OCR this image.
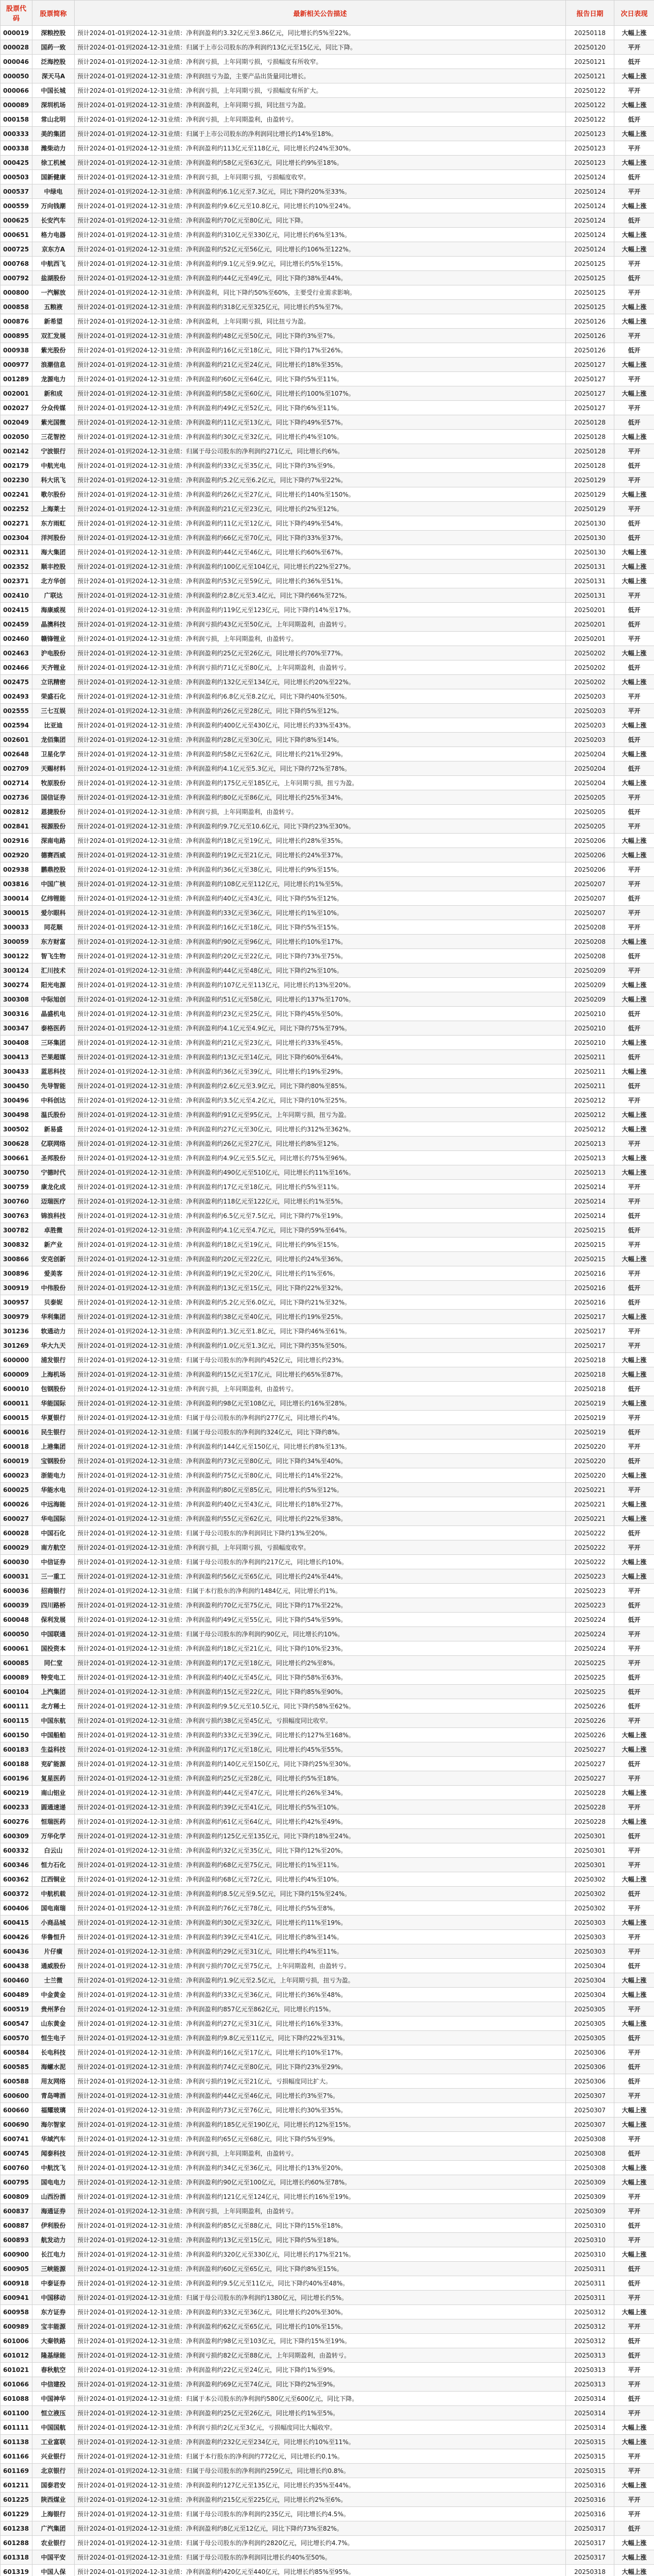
股票代码	股票简称	最新相关公告描述	报告日期	次日表现
000019	深粮控股	预计2024-01-01到2024-12-31业绩：净利润盈利约3.32亿元至3.86亿元，同比增长约5%至22%。	20250118	大幅上涨
000028	国药一致	预计2024-01-01到2024-12-31业绩：归属于上市公司股东的净利润约13亿元至15亿元，同比下降。	20250120	平开
000046	泛海控股	预计2024-01-01到2024-12-31业绩：净利润亏损，上年同期亏损，亏损幅度有所收窄。	20250121	低开
000050	深天马A	预计2024-01-01到2024-12-31业绩：净利润扭亏为盈，主要产品出货量同比增长。	20250121	大幅上涨
000066	中国长城	预计2024-01-01到2024-12-31业绩：净利润亏损，上年同期亏损，亏损幅度有所扩大。	20250122	平开
000089	深圳机场	预计2024-01-01到2024-12-31业绩：净利润盈利，上年同期亏损，同比扭亏为盈。	20250122	大幅上涨
000158	常山北明	预计2024-01-01到2024-12-31业绩：净利润亏损，上年同期盈利，由盈转亏。	20250122	低开
000333	美的集团	预计2024-01-01到2024-12-31业绩：归属于上市公司股东的净利润同比增长约14%至18%。	20250123	大幅上涨
000338	潍柴动力	预计2024-01-01到2024-12-31业绩：净利润盈利约113亿元至118亿元，同比增长约24%至30%。	20250123	平开
000425	徐工机械	预计2024-01-01到2024-12-31业绩：净利润盈利约58亿元至63亿元，同比增长约9%至18%。	20250123	大幅上涨
000503	国新健康	预计2024-01-01到2024-12-31业绩：净利润亏损，上年同期亏损，亏损幅度收窄。	20250124	低开
000537	中绿电	预计2024-01-01到2024-12-31业绩：净利润盈利约6.1亿元至7.3亿元，同比下降约20%至33%。	20250124	平开
000559	万向钱潮	预计2024-01-01到2024-12-31业绩：净利润盈利约9.6亿元至10.8亿元，同比增长约10%至24%。	20250124	大幅上涨
000625	长安汽车	预计2024-01-01到2024-12-31业绩：净利润盈利约70亿元至80亿元，同比下降。	20250124	低开
000651	格力电器	预计2024-01-01到2024-12-31业绩：净利润盈利约310亿元至330亿元，同比增长约6%至13%。	20250124	大幅上涨
000725	京东方A	预计2024-01-01到2024-12-31业绩：净利润盈利约52亿元至56亿元，同比增长约106%至122%。	20250124	大幅上涨
000768	中航西飞	预计2024-01-01到2024-12-31业绩：净利润盈利约9.1亿元至9.9亿元，同比增长约5%至15%。	20250125	平开
000792	盐湖股份	预计2024-01-01到2024-12-31业绩：净利润盈利约44亿元至49亿元，同比下降约38%至44%。	20250125	低开
000800	一汽解放	预计2024-01-01到2024-12-31业绩：净利润盈利，同比下降约50%至60%，主要受行业需求影响。	20250125	平开
000858	五粮液	预计2024-01-01到2024-12-31业绩：净利润盈利约318亿元至325亿元，同比增长约5%至7%。	20250125	大幅上涨
000876	新希望	预计2024-01-01到2024-12-31业绩：净利润盈利，上年同期亏损，同比扭亏为盈。	20250126	大幅上涨
000895	双汇发展	预计2024-01-01到2024-12-31业绩：净利润盈利约48亿元至50亿元，同比下降约3%至7%。	20250126	平开
000938	紫光股份	预计2024-01-01到2024-12-31业绩：净利润盈利约16亿元至18亿元，同比下降约17%至26%。	20250126	低开
000977	浪潮信息	预计2024-01-01到2024-12-31业绩：净利润盈利约21亿元至24亿元，同比增长约18%至35%。	20250127	大幅上涨
001289	龙源电力	预计2024-01-01到2024-12-31业绩：净利润盈利约60亿元至64亿元，同比下降约5%至11%。	20250127	平开
002001	新和成	预计2024-01-01到2024-12-31业绩：净利润盈利约58亿元至60亿元，同比增长约100%至107%。	20250127	大幅上涨
002027	分众传媒	预计2024-01-01到2024-12-31业绩：净利润盈利约49亿元至52亿元，同比下降约6%至11%。	20250127	平开
002049	紫光国微	预计2024-01-01到2024-12-31业绩：净利润盈利约11亿元至13亿元，同比下降约49%至57%。	20250128	低开
002050	三花智控	预计2024-01-01到2024-12-31业绩：净利润盈利约30亿元至32亿元，同比增长约4%至10%。	20250128	大幅上涨
002142	宁波银行	预计2024-01-01到2024-12-31业绩：归属于母公司股东的净利润约271亿元，同比增长约6%。	20250128	平开
002179	中航光电	预计2024-01-01到2024-12-31业绩：净利润盈利约33亿元至35亿元，同比下降约3%至9%。	20250128	低开
002230	科大讯飞	预计2024-01-01到2024-12-31业绩：净利润盈利约5.2亿元至6.2亿元，同比下降约7%至22%。	20250129	平开
002241	歌尔股份	预计2024-01-01到2024-12-31业绩：净利润盈利约26亿元至27亿元，同比增长约140%至150%。	20250129	大幅上涨
002252	上海莱士	预计2024-01-01到2024-12-31业绩：净利润盈利约21亿元至23亿元，同比增长约2%至12%。	20250129	平开
002271	东方雨虹	预计2024-01-01到2024-12-31业绩：净利润盈利约11亿元至12亿元，同比下降约49%至54%。	20250130	低开
002304	洋河股份	预计2024-01-01到2024-12-31业绩：净利润盈利约66亿元至70亿元，同比下降约33%至37%。	20250130	低开
002311	海大集团	预计2024-01-01到2024-12-31业绩：净利润盈利约44亿元至46亿元，同比增长约60%至67%。	20250130	大幅上涨
002352	顺丰控股	预计2024-01-01到2024-12-31业绩：净利润盈利约100亿元至104亿元，同比增长约22%至27%。	20250131	大幅上涨
002371	北方华创	预计2024-01-01到2024-12-31业绩：净利润盈利约53亿元至59亿元，同比增长约36%至51%。	20250131	大幅上涨
002410	广联达	预计2024-01-01到2024-12-31业绩：净利润盈利约2.8亿元至3.4亿元，同比下降约66%至72%。	20250131	平开
002415	海康威视	预计2024-01-01到2024-12-31业绩：净利润盈利约119亿元至123亿元，同比下降约14%至17%。	20250201	低开
002459	晶澳科技	预计2024-01-01到2024-12-31业绩：净利润亏损约43亿元至50亿元，上年同期盈利，由盈转亏。	20250201	低开
002460	赣锋锂业	预计2024-01-01到2024-12-31业绩：净利润亏损，上年同期盈利，由盈转亏。	20250201	平开
002463	沪电股份	预计2024-01-01到2024-12-31业绩：净利润盈利约25亿元至26亿元，同比增长约70%至77%。	20250202	大幅上涨
002466	天齐锂业	预计2024-01-01到2024-12-31业绩：净利润亏损约71亿元至80亿元，上年同期盈利，由盈转亏。	20250202	低开
002475	立讯精密	预计2024-01-01到2024-12-31业绩：净利润盈利约132亿元至134亿元，同比增长约20%至22%。	20250202	大幅上涨
002493	荣盛石化	预计2024-01-01到2024-12-31业绩：净利润盈利约6.8亿元至8.2亿元，同比下降约40%至50%。	20250203	平开
002555	三七互娱	预计2024-01-01到2024-12-31业绩：净利润盈利约26亿元至28亿元，同比下降约5%至12%。	20250203	平开
002594	比亚迪	预计2024-01-01到2024-12-31业绩：净利润盈利约400亿元至430亿元，同比增长约33%至43%。	20250203	大幅上涨
002601	龙佰集团	预计2024-01-01到2024-12-31业绩：净利润盈利约28亿元至30亿元，同比下降约8%至14%。	20250203	低开
002648	卫星化学	预计2024-01-01到2024-12-31业绩：净利润盈利约58亿元至62亿元，同比增长约21%至29%。	20250204	大幅上涨
002709	天赐材料	预计2024-01-01到2024-12-31业绩：净利润盈利约4.1亿元至5.3亿元，同比下降约72%至78%。	20250204	低开
002714	牧原股份	预计2024-01-01到2024-12-31业绩：净利润盈利约175亿元至185亿元，上年同期亏损，扭亏为盈。	20250204	大幅上涨
002736	国信证券	预计2024-01-01到2024-12-31业绩：净利润盈利约80亿元至86亿元，同比增长约25%至34%。	20250205	平开
002812	恩捷股份	预计2024-01-01到2024-12-31业绩：净利润亏损，上年同期盈利，由盈转亏。	20250205	低开
002841	视源股份	预计2024-01-01到2024-12-31业绩：净利润盈利约9.7亿元至10.6亿元，同比下降约23%至30%。	20250205	平开
002916	深南电路	预计2024-01-01到2024-12-31业绩：净利润盈利约18亿元至19亿元，同比增长约28%至35%。	20250206	大幅上涨
002920	德赛西威	预计2024-01-01到2024-12-31业绩：净利润盈利约19亿元至21亿元，同比增长约24%至37%。	20250206	大幅上涨
002938	鹏鼎控股	预计2024-01-01到2024-12-31业绩：净利润盈利约36亿元至38亿元，同比增长约9%至15%。	20250206	平开
003816	中国广核	预计2024-01-01到2024-12-31业绩：净利润盈利约108亿元至112亿元，同比增长约1%至5%。	20250207	平开
300014	亿纬锂能	预计2024-01-01到2024-12-31业绩：净利润盈利约40亿元至43亿元，同比下降约5%至12%。	20250207	低开
300015	爱尔眼科	预计2024-01-01到2024-12-31业绩：净利润盈利约33亿元至36亿元，同比增长约1%至10%。	20250207	平开
300033	同花顺	预计2024-01-01到2024-12-31业绩：净利润盈利约16亿元至18亿元，同比下降约5%至15%。	20250208	平开
300059	东方财富	预计2024-01-01到2024-12-31业绩：净利润盈利约90亿元至96亿元，同比增长约10%至17%。	20250208	大幅上涨
300122	智飞生物	预计2024-01-01到2024-12-31业绩：净利润盈利约20亿元至22亿元，同比下降约73%至75%。	20250208	低开
300124	汇川技术	预计2024-01-01到2024-12-31业绩：净利润盈利约44亿元至48亿元，同比下降约2%至10%。	20250209	平开
300274	阳光电源	预计2024-01-01到2024-12-31业绩：净利润盈利约107亿元至113亿元，同比增长约13%至20%。	20250209	大幅上涨
300308	中际旭创	预计2024-01-01到2024-12-31业绩：净利润盈利约51亿元至58亿元，同比增长约137%至170%。	20250209	大幅上涨
300316	晶盛机电	预计2024-01-01到2024-12-31业绩：净利润盈利约23亿元至25亿元，同比下降约45%至50%。	20250210	低开
300347	泰格医药	预计2024-01-01到2024-12-31业绩：净利润盈利约4.1亿元至4.9亿元，同比下降约75%至79%。	20250210	低开
300408	三环集团	预计2024-01-01到2024-12-31业绩：净利润盈利约21亿元至23亿元，同比增长约33%至45%。	20250210	大幅上涨
300413	芒果超媒	预计2024-01-01到2024-12-31业绩：净利润盈利约13亿元至14亿元，同比下降约60%至64%。	20250211	低开
300433	蓝思科技	预计2024-01-01到2024-12-31业绩：净利润盈利约36亿元至39亿元，同比增长约19%至29%。	20250211	大幅上涨
300450	先导智能	预计2024-01-01到2024-12-31业绩：净利润盈利约2.6亿元至3.9亿元，同比下降约80%至85%。	20250211	低开
300496	中科创达	预计2024-01-01到2024-12-31业绩：净利润盈利约3.5亿元至4.2亿元，同比下降约10%至25%。	20250212	平开
300498	温氏股份	预计2024-01-01到2024-12-31业绩：净利润盈利约91亿元至95亿元，上年同期亏损，扭亏为盈。	20250212	大幅上涨
300502	新易盛	预计2024-01-01到2024-12-31业绩：净利润盈利约27亿元至30亿元，同比增长约312%至362%。	20250212	大幅上涨
300628	亿联网络	预计2024-01-01到2024-12-31业绩：净利润盈利约26亿元至27亿元，同比增长约8%至12%。	20250213	平开
300661	圣邦股份	预计2024-01-01到2024-12-31业绩：净利润盈利约4.9亿元至5.5亿元，同比增长约75%至96%。	20250213	大幅上涨
300750	宁德时代	预计2024-01-01到2024-12-31业绩：净利润盈利约490亿元至510亿元，同比增长约11%至16%。	20250213	大幅上涨
300759	康龙化成	预计2024-01-01到2024-12-31业绩：净利润盈利约17亿元至18亿元，同比增长约5%至11%。	20250214	平开
300760	迈瑞医疗	预计2024-01-01到2024-12-31业绩：净利润盈利约118亿元至122亿元，同比增长约1%至5%。	20250214	平开
300763	锦浪科技	预计2024-01-01到2024-12-31业绩：净利润盈利约6.5亿元至7.5亿元，同比下降约7%至19%。	20250214	低开
300782	卓胜微	预计2024-01-01到2024-12-31业绩：净利润盈利约4.1亿元至4.7亿元，同比下降约59%至64%。	20250215	低开
300832	新产业	预计2024-01-01到2024-12-31业绩：净利润盈利约18亿元至19亿元，同比增长约9%至15%。	20250215	平开
300866	安克创新	预计2024-01-01到2024-12-31业绩：净利润盈利约20亿元至22亿元，同比增长约24%至36%。	20250215	大幅上涨
300896	爱美客	预计2024-01-01到2024-12-31业绩：净利润盈利约19亿元至20亿元，同比增长约1%至6%。	20250216	平开
300919	中伟股份	预计2024-01-01到2024-12-31业绩：净利润盈利约13亿元至15亿元，同比下降约22%至32%。	20250216	低开
300957	贝泰妮	预计2024-01-01到2024-12-31业绩：净利润盈利约5.2亿元至6.0亿元，同比下降约21%至32%。	20250216	低开
300979	华利集团	预计2024-01-01到2024-12-31业绩：净利润盈利约38亿元至40亿元，同比增长约19%至25%。	20250217	大幅上涨
301236	软通动力	预计2024-01-01到2024-12-31业绩：净利润盈利约1.3亿元至1.8亿元，同比下降约46%至61%。	20250217	平开
301269	华大九天	预计2024-01-01到2024-12-31业绩：净利润盈利约1.0亿元至1.3亿元，同比下降约35%至50%。	20250217	平开
600000	浦发银行	预计2024-01-01到2024-12-31业绩：归属于母公司股东的净利润约452亿元，同比增长约23%。	20250218	大幅上涨
600009	上海机场	预计2024-01-01到2024-12-31业绩：净利润盈利约15亿元至17亿元，同比增长约65%至87%。	20250218	大幅上涨
600010	包钢股份	预计2024-01-01到2024-12-31业绩：净利润亏损，上年同期盈利，由盈转亏。	20250218	低开
600011	华能国际	预计2024-01-01到2024-12-31业绩：净利润盈利约98亿元至108亿元，同比增长约16%至28%。	20250219	大幅上涨
600015	华夏银行	预计2024-01-01到2024-12-31业绩：归属于母公司股东的净利润约277亿元，同比增长约4%。	20250219	平开
600016	民生银行	预计2024-01-01到2024-12-31业绩：归属于母公司股东的净利润约324亿元，同比下降约8%。	20250219	低开
600018	上港集团	预计2024-01-01到2024-12-31业绩：净利润盈利约144亿元至150亿元，同比增长约8%至13%。	20250220	平开
600019	宝钢股份	预计2024-01-01到2024-12-31业绩：净利润盈利约73亿元至80亿元，同比下降约34%至40%。	20250220	低开
600023	浙能电力	预计2024-01-01到2024-12-31业绩：净利润盈利约75亿元至80亿元，同比增长约14%至22%。	20250220	大幅上涨
600025	华能水电	预计2024-01-01到2024-12-31业绩：净利润盈利约80亿元至85亿元，同比增长约5%至12%。	20250221	平开
600026	中远海能	预计2024-01-01到2024-12-31业绩：净利润盈利约40亿元至43亿元，同比增长约18%至27%。	20250221	大幅上涨
600027	华电国际	预计2024-01-01到2024-12-31业绩：净利润盈利约55亿元至62亿元，同比增长约22%至38%。	20250221	大幅上涨
600028	中国石化	预计2024-01-01到2024-12-31业绩：归属于母公司股东的净利润同比下降约13%至20%。	20250222	低开
600029	南方航空	预计2024-01-01到2024-12-31业绩：净利润亏损，上年同期亏损，亏损幅度收窄。	20250222	平开
600030	中信证券	预计2024-01-01到2024-12-31业绩：归属于母公司股东的净利润约217亿元，同比增长约10%。	20250222	大幅上涨
600031	三一重工	预计2024-01-01到2024-12-31业绩：净利润盈利约56亿元至65亿元，同比增长约24%至44%。	20250223	大幅上涨
600036	招商银行	预计2024-01-01到2024-12-31业绩：归属于本行股东的净利润约1484亿元，同比增长约1%。	20250223	平开
600039	四川路桥	预计2024-01-01到2024-12-31业绩：净利润盈利约70亿元至75亿元，同比下降约17%至22%。	20250223	低开
600048	保利发展	预计2024-01-01到2024-12-31业绩：净利润盈利约49亿元至55亿元，同比下降约54%至59%。	20250224	低开
600050	中国联通	预计2024-01-01到2024-12-31业绩：归属于母公司股东的净利润约90亿元，同比增长约10%。	20250224	平开
600061	国投资本	预计2024-01-01到2024-12-31业绩：净利润盈利约18亿元至21亿元，同比下降约10%至23%。	20250224	平开
600085	同仁堂	预计2024-01-01到2024-12-31业绩：净利润盈利约17亿元至18亿元，同比增长约2%至8%。	20250225	平开
600089	特变电工	预计2024-01-01到2024-12-31业绩：净利润盈利约40亿元至45亿元，同比下降约58%至63%。	20250225	低开
600104	上汽集团	预计2024-01-01到2024-12-31业绩：净利润盈利约15亿元至22亿元，同比下降约85%至90%。	20250225	低开
600111	北方稀土	预计2024-01-01到2024-12-31业绩：净利润盈利约9.5亿元至10.5亿元，同比下降约58%至62%。	20250226	低开
600115	中国东航	预计2024-01-01到2024-12-31业绩：净利润亏损约38亿元至45亿元，亏损幅度同比收窄。	20250226	平开
600150	中国船舶	预计2024-01-01到2024-12-31业绩：净利润盈利约33亿元至39亿元，同比增长约127%至168%。	20250226	大幅上涨
600183	生益科技	预计2024-01-01到2024-12-31业绩：净利润盈利约17亿元至18亿元，同比增长约45%至55%。	20250227	大幅上涨
600188	兖矿能源	预计2024-01-01到2024-12-31业绩：净利润盈利约140亿元至150亿元，同比下降约25%至30%。	20250227	低开
600196	复星医药	预计2024-01-01到2024-12-31业绩：净利润盈利约25亿元至28亿元，同比增长约5%至18%。	20250227	平开
600219	南山铝业	预计2024-01-01到2024-12-31业绩：净利润盈利约44亿元至47亿元，同比增长约26%至34%。	20250228	大幅上涨
600233	圆通速递	预计2024-01-01到2024-12-31业绩：净利润盈利约39亿元至41亿元，同比增长约5%至10%。	20250228	平开
600276	恒瑞医药	预计2024-01-01到2024-12-31业绩：净利润盈利约61亿元至64亿元，同比增长约42%至49%。	20250228	大幅上涨
600309	万华化学	预计2024-01-01到2024-12-31业绩：净利润盈利约125亿元至135亿元，同比下降约18%至24%。	20250301	低开
600332	白云山	预计2024-01-01到2024-12-31业绩：净利润盈利约32亿元至35亿元，同比下降约12%至20%。	20250301	平开
600346	恒力石化	预计2024-01-01到2024-12-31业绩：净利润盈利约68亿元至75亿元，同比增长约1%至11%。	20250301	平开
600362	江西铜业	预计2024-01-01到2024-12-31业绩：净利润盈利约68亿元至72亿元，同比增长约4%至10%。	20250302	大幅上涨
600372	中航机载	预计2024-01-01到2024-12-31业绩：净利润盈利约8.5亿元至9.5亿元，同比下降约15%至24%。	20250302	低开
600406	国电南瑞	预计2024-01-01到2024-12-31业绩：净利润盈利约76亿元至78亿元，同比增长约5%至8%。	20250302	平开
600415	小商品城	预计2024-01-01到2024-12-31业绩：净利润盈利约30亿元至32亿元，同比增长约11%至19%。	20250303	大幅上涨
600426	华鲁恒升	预计2024-01-01到2024-12-31业绩：净利润盈利约39亿元至41亿元，同比增长约8%至14%。	20250303	平开
600436	片仔癀	预计2024-01-01到2024-12-31业绩：净利润盈利约29亿元至31亿元，同比增长约4%至11%。	20250303	平开
600438	通威股份	预计2024-01-01到2024-12-31业绩：净利润亏损约70亿元至75亿元，上年同期盈利，由盈转亏。	20250304	低开
600460	士兰微	预计2024-01-01到2024-12-31业绩：净利润盈利约1.9亿元至2.5亿元，上年同期亏损，扭亏为盈。	20250304	大幅上涨
600489	中金黄金	预计2024-01-01到2024-12-31业绩：净利润盈利约33亿元至36亿元，同比增长约36%至48%。	20250304	大幅上涨
600519	贵州茅台	预计2024-01-01到2024-12-31业绩：净利润盈利约857亿元至862亿元，同比增长约15%。	20250305	平开
600547	山东黄金	预计2024-01-01到2024-12-31业绩：净利润盈利约27亿元至31亿元，同比增长约16%至33%。	20250305	大幅上涨
600570	恒生电子	预计2024-01-01到2024-12-31业绩：净利润盈利约9.8亿元至11亿元，同比下降约22%至31%。	20250305	低开
600584	长电科技	预计2024-01-01到2024-12-31业绩：净利润盈利约16亿元至17亿元，同比增长约10%至17%。	20250306	平开
600585	海螺水泥	预计2024-01-01到2024-12-31业绩：净利润盈利约74亿元至80亿元，同比下降约23%至29%。	20250306	低开
600588	用友网络	预计2024-01-01到2024-12-31业绩：净利润亏损约19亿元至21亿元，亏损幅度同比扩大。	20250306	低开
600600	青岛啤酒	预计2024-01-01到2024-12-31业绩：净利润盈利约44亿元至46亿元，同比增长约3%至7%。	20250307	平开
600660	福耀玻璃	预计2024-01-01到2024-12-31业绩：净利润盈利约73亿元至76亿元，同比增长约30%至35%。	20250307	大幅上涨
600690	海尔智家	预计2024-01-01到2024-12-31业绩：净利润盈利约185亿元至190亿元，同比增长约12%至15%。	20250307	大幅上涨
600741	华域汽车	预计2024-01-01到2024-12-31业绩：净利润盈利约65亿元至68亿元，同比下降约5%至9%。	20250308	平开
600745	闻泰科技	预计2024-01-01到2024-12-31业绩：净利润亏损，上年同期盈利，由盈转亏。	20250308	低开
600760	中航沈飞	预计2024-01-01到2024-12-31业绩：净利润盈利约34亿元至36亿元，同比增长约13%至20%。	20250308	大幅上涨
600795	国电电力	预计2024-01-01到2024-12-31业绩：净利润盈利约90亿元至100亿元，同比增长约60%至78%。	20250309	大幅上涨
600809	山西汾酒	预计2024-01-01到2024-12-31业绩：净利润盈利约121亿元至124亿元，同比增长约16%至19%。	20250309	平开
600837	海通证券	预计2024-01-01到2024-12-31业绩：净利润亏损，上年同期盈利，由盈转亏。	20250309	平开
600887	伊利股份	预计2024-01-01到2024-12-31业绩：净利润盈利约85亿元至88亿元，同比下降约15%至18%。	20250310	低开
600893	航发动力	预计2024-01-01到2024-12-31业绩：净利润盈利约13亿元至15亿元，同比下降约5%至18%。	20250310	平开
600900	长江电力	预计2024-01-01到2024-12-31业绩：净利润盈利约320亿元至330亿元，同比增长约17%至21%。	20250310	大幅上涨
600905	三峡能源	预计2024-01-01到2024-12-31业绩：净利润盈利约60亿元至65亿元，同比下降约8%至15%。	20250311	低开
600918	中泰证券	预计2024-01-01到2024-12-31业绩：净利润盈利约9.5亿元至11亿元，同比下降约40%至48%。	20250311	低开
600941	中国移动	预计2024-01-01到2024-12-31业绩：归属于母公司股东的净利润约1380亿元，同比增长约5%。	20250311	平开
600958	东方证券	预计2024-01-01到2024-12-31业绩：净利润盈利约33亿元至36亿元，同比增长约20%至30%。	20250312	大幅上涨
600989	宝丰能源	预计2024-01-01到2024-12-31业绩：净利润盈利约62亿元至65亿元，同比增长约10%至15%。	20250312	平开
601006	大秦铁路	预计2024-01-01到2024-12-31业绩：净利润盈利约98亿元至103亿元，同比下降约15%至19%。	20250312	低开
601012	隆基绿能	预计2024-01-01到2024-12-31业绩：净利润亏损约82亿元至88亿元，上年同期盈利，由盈转亏。	20250313	低开
601021	春秋航空	预计2024-01-01到2024-12-31业绩：净利润盈利约22亿元至24亿元，同比下降约1%至9%。	20250313	平开
601066	中信建投	预计2024-01-01到2024-12-31业绩：净利润盈利约69亿元至74亿元，同比下降约2%至9%。	20250313	平开
601088	中国神华	预计2024-01-01到2024-12-31业绩：归属于本公司股东的净利润约580亿元至600亿元，同比下降。	20250314	低开
601100	恒立液压	预计2024-01-01到2024-12-31业绩：净利润盈利约25亿元至26亿元，同比增长约1%至5%。	20250314	平开
601111	中国国航	预计2024-01-01到2024-12-31业绩：净利润亏损约2亿元至3亿元，亏损幅度同比大幅收窄。	20250314	大幅上涨
601138	工业富联	预计2024-01-01到2024-12-31业绩：净利润盈利约232亿元至234亿元，同比增长约10%至11%。	20250315	大幅上涨
601166	兴业银行	预计2024-01-01到2024-12-31业绩：归属于本行股东的净利润约772亿元，同比增长约0.1%。	20250315	平开
601169	北京银行	预计2024-01-01到2024-12-31业绩：归属于母公司股东的净利润约259亿元，同比增长约0.8%。	20250315	平开
601211	国泰君安	预计2024-01-01到2024-12-31业绩：净利润盈利约127亿元至135亿元，同比增长约35%至44%。	20250316	大幅上涨
601225	陕西煤业	预计2024-01-01到2024-12-31业绩：净利润盈利约215亿元至225亿元，同比增长约2%至6%。	20250316	平开
601229	上海银行	预计2024-01-01到2024-12-31业绩：归属于母公司股东的净利润约235亿元，同比增长约4.5%。	20250316	平开
601238	广汽集团	预计2024-01-01到2024-12-31业绩：净利润盈利约8亿元至12亿元，同比下降约73%至82%。	20250317	低开
601288	农业银行	预计2024-01-01到2024-12-31业绩：归属于母公司股东的净利润约2820亿元，同比增长约4.7%。	20250317	大幅上涨
601318	中国平安	预计2024-01-01到2024-12-31业绩：归属于母公司股东的净利润同比增长约40%至50%。	20250317	大幅上涨
601319	中国人保	预计2024-01-01到2024-12-31业绩：净利润盈利约420亿元至440亿元，同比增长约85%至95%。	20250318	大幅上涨
